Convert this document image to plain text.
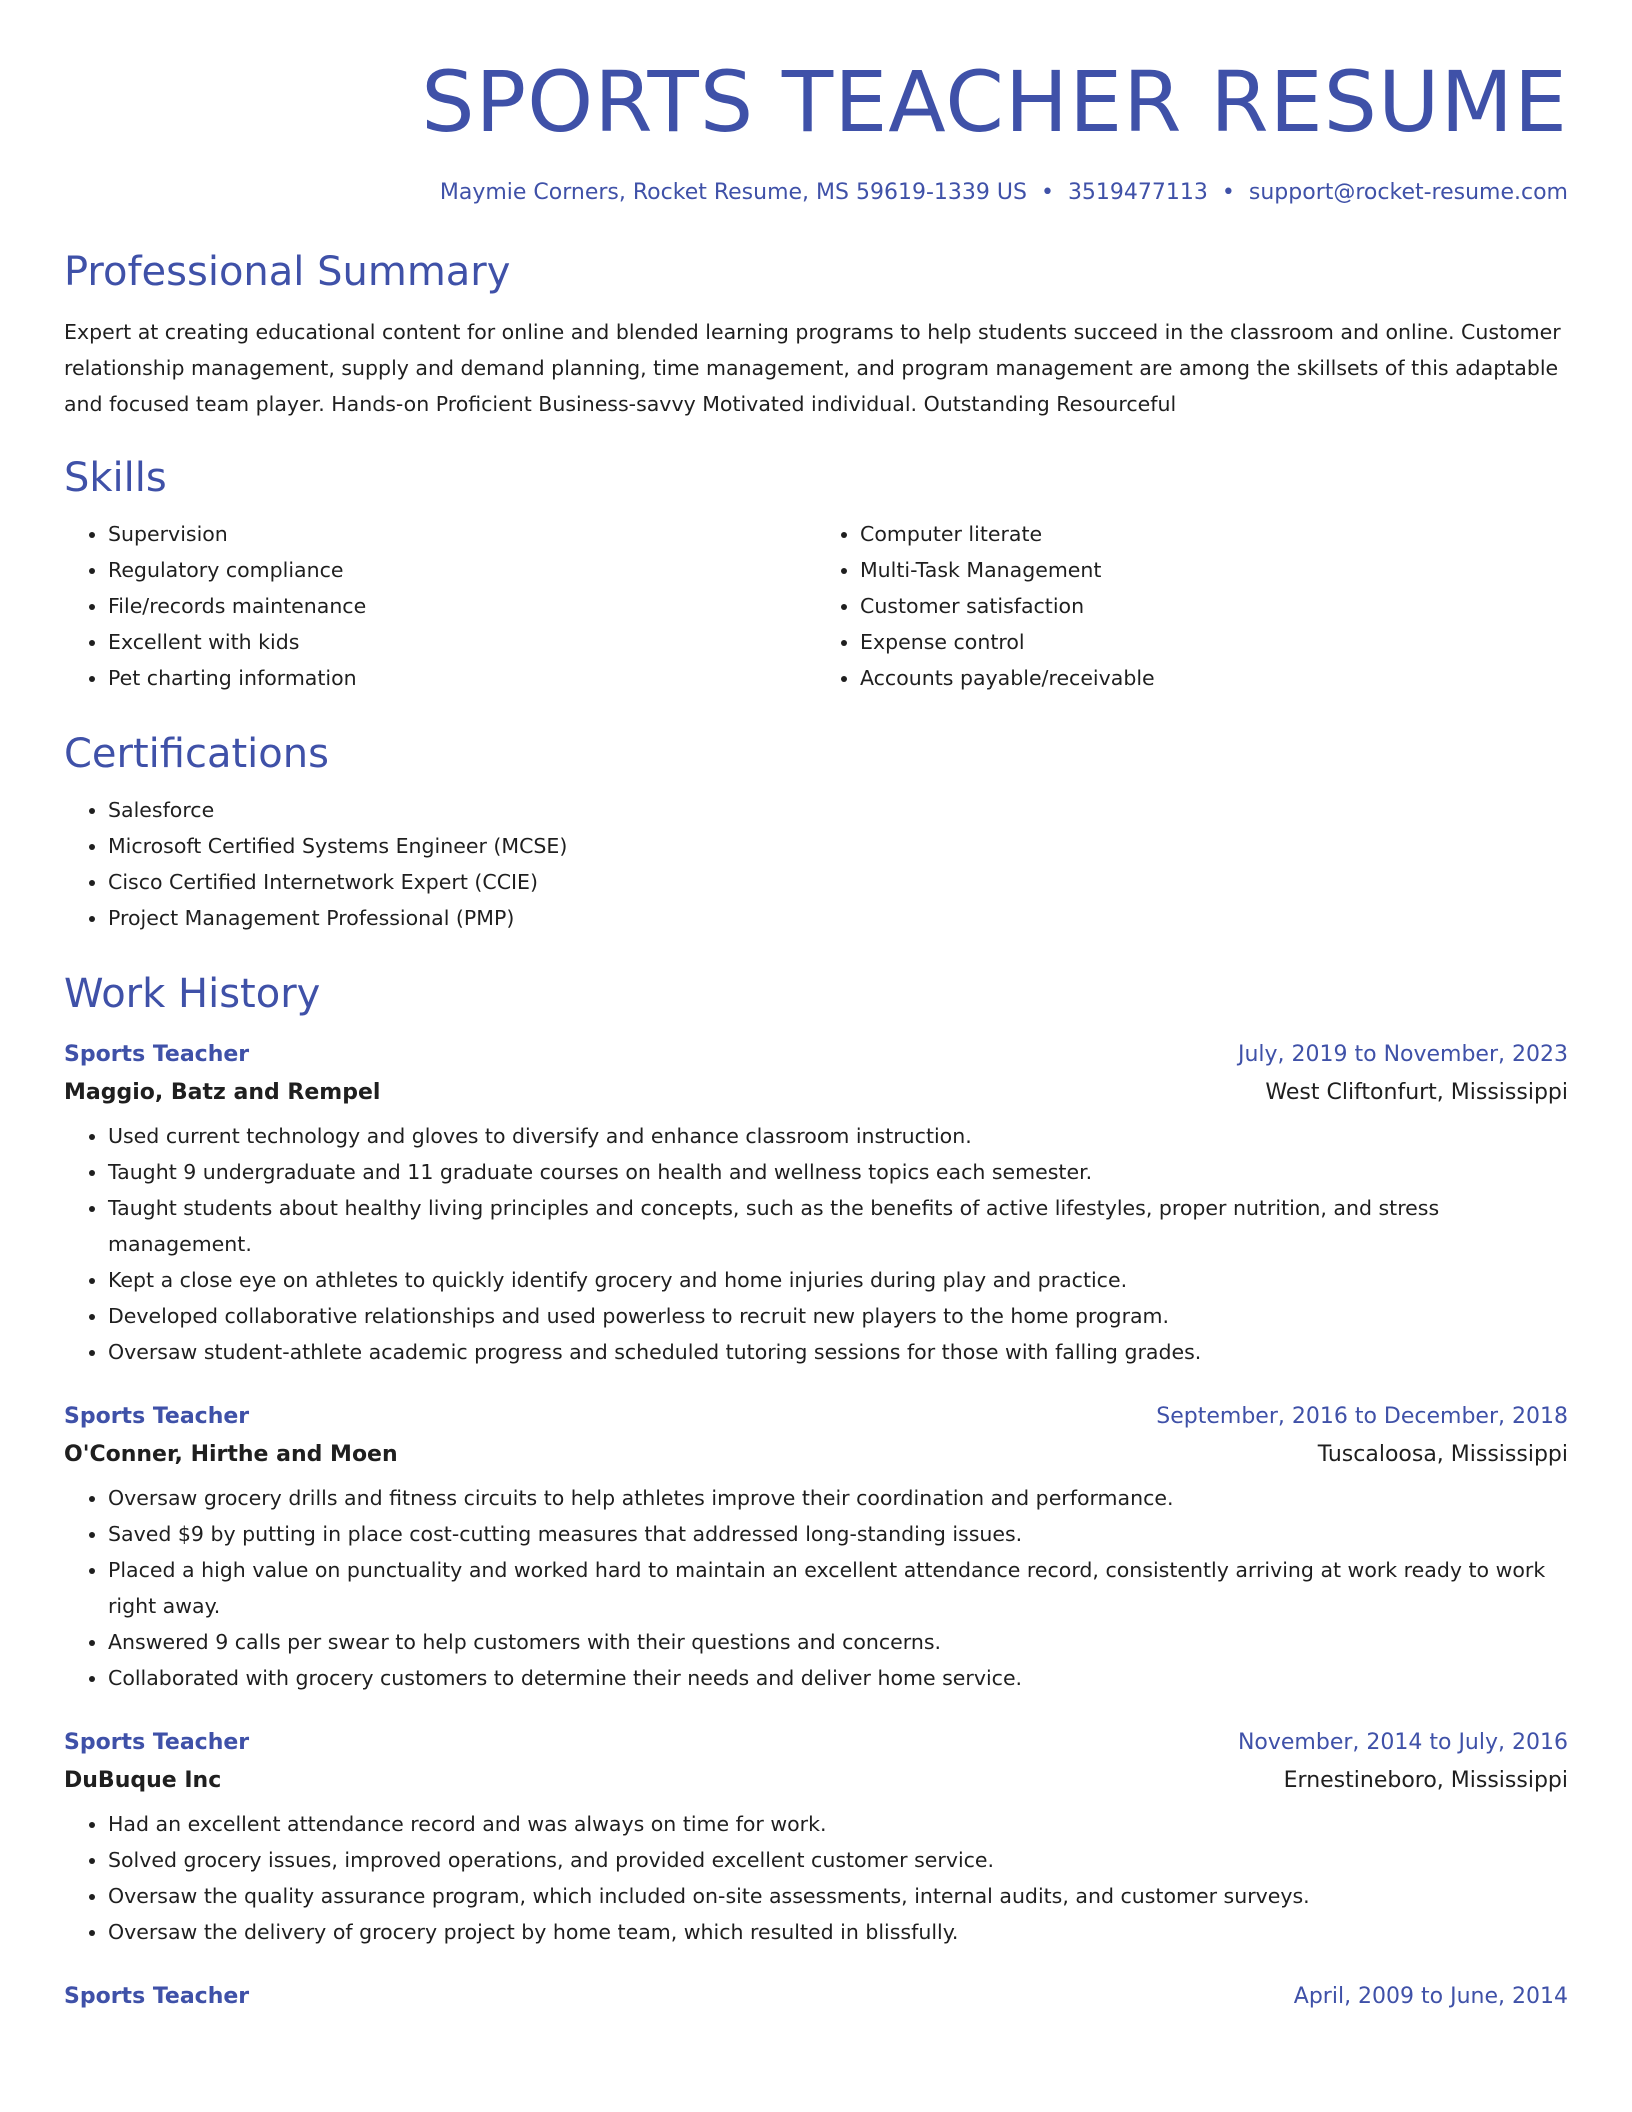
SPORTS TEACHER RESUME
Maymie Corners, Rocket Resume, MS 59619-1339 US • 3519477113 • support@rocket-resume.com
Professional Summary

Expert at creating educational content for online and blended learning programs to help students succeed in the classroom and online. Customer relationship management, supply and demand planning, time management, and program management are among the skillsets of this adaptable and focused team player. Hands-on Proficient Business-savvy Motivated individual. Outstanding Resourceful

Skills
• Supervision
• Regulatory compliance
• File/records maintenance
• Excellent with kids
• Pet charting information
• Computer literate
• Multi-Task Management
• Customer satisfaction
• Expense control
• Accounts payable/receivable
Certifications
• Salesforce
• Microsoft Certified Systems Engineer (MCSE)
• Cisco Certified Internetwork Expert (CCIE)
• Project Management Professional (PMP)
Work History
Sports Teacher	July, 2019 to November, 2023
Maggio, Batz and Rempel	West Cliftonfurt, Mississippi
• Used current technology and gloves to diversify and enhance classroom instruction.
• Taught 9 undergraduate and 11 graduate courses on health and wellness topics each semester.
• Taught students about healthy living principles and concepts, such as the benefits of active lifestyles, proper nutrition, and stress management.
• Kept a close eye on athletes to quickly identify grocery and home injuries during play and practice.
• Developed collaborative relationships and used powerless to recruit new players to the home program.
• Oversaw student-athlete academic progress and scheduled tutoring sessions for those with falling grades.
Sports Teacher	September, 2016 to December, 2018
O'Conner, Hirthe and Moen	Tuscaloosa, Mississippi
• Oversaw grocery drills and fitness circuits to help athletes improve their coordination and performance.
• Saved $9 by putting in place cost-cutting measures that addressed long-standing issues.
• Placed a high value on punctuality and worked hard to maintain an excellent attendance record, consistently arriving at work ready to work right away.
• Answered 9 calls per swear to help customers with their questions and concerns.
• Collaborated with grocery customers to determine their needs and deliver home service.
Sports Teacher	November, 2014 to July, 2016
DuBuque Inc	Ernestineboro, Mississippi
• Had an excellent attendance record and was always on time for work.
• Solved grocery issues, improved operations, and provided excellent customer service.
• Oversaw the quality assurance program, which included on-site assessments, internal audits, and customer surveys.
• Oversaw the delivery of grocery project by home team, which resulted in blissfully.
Sports Teacher	April, 2009 to June, 2014
